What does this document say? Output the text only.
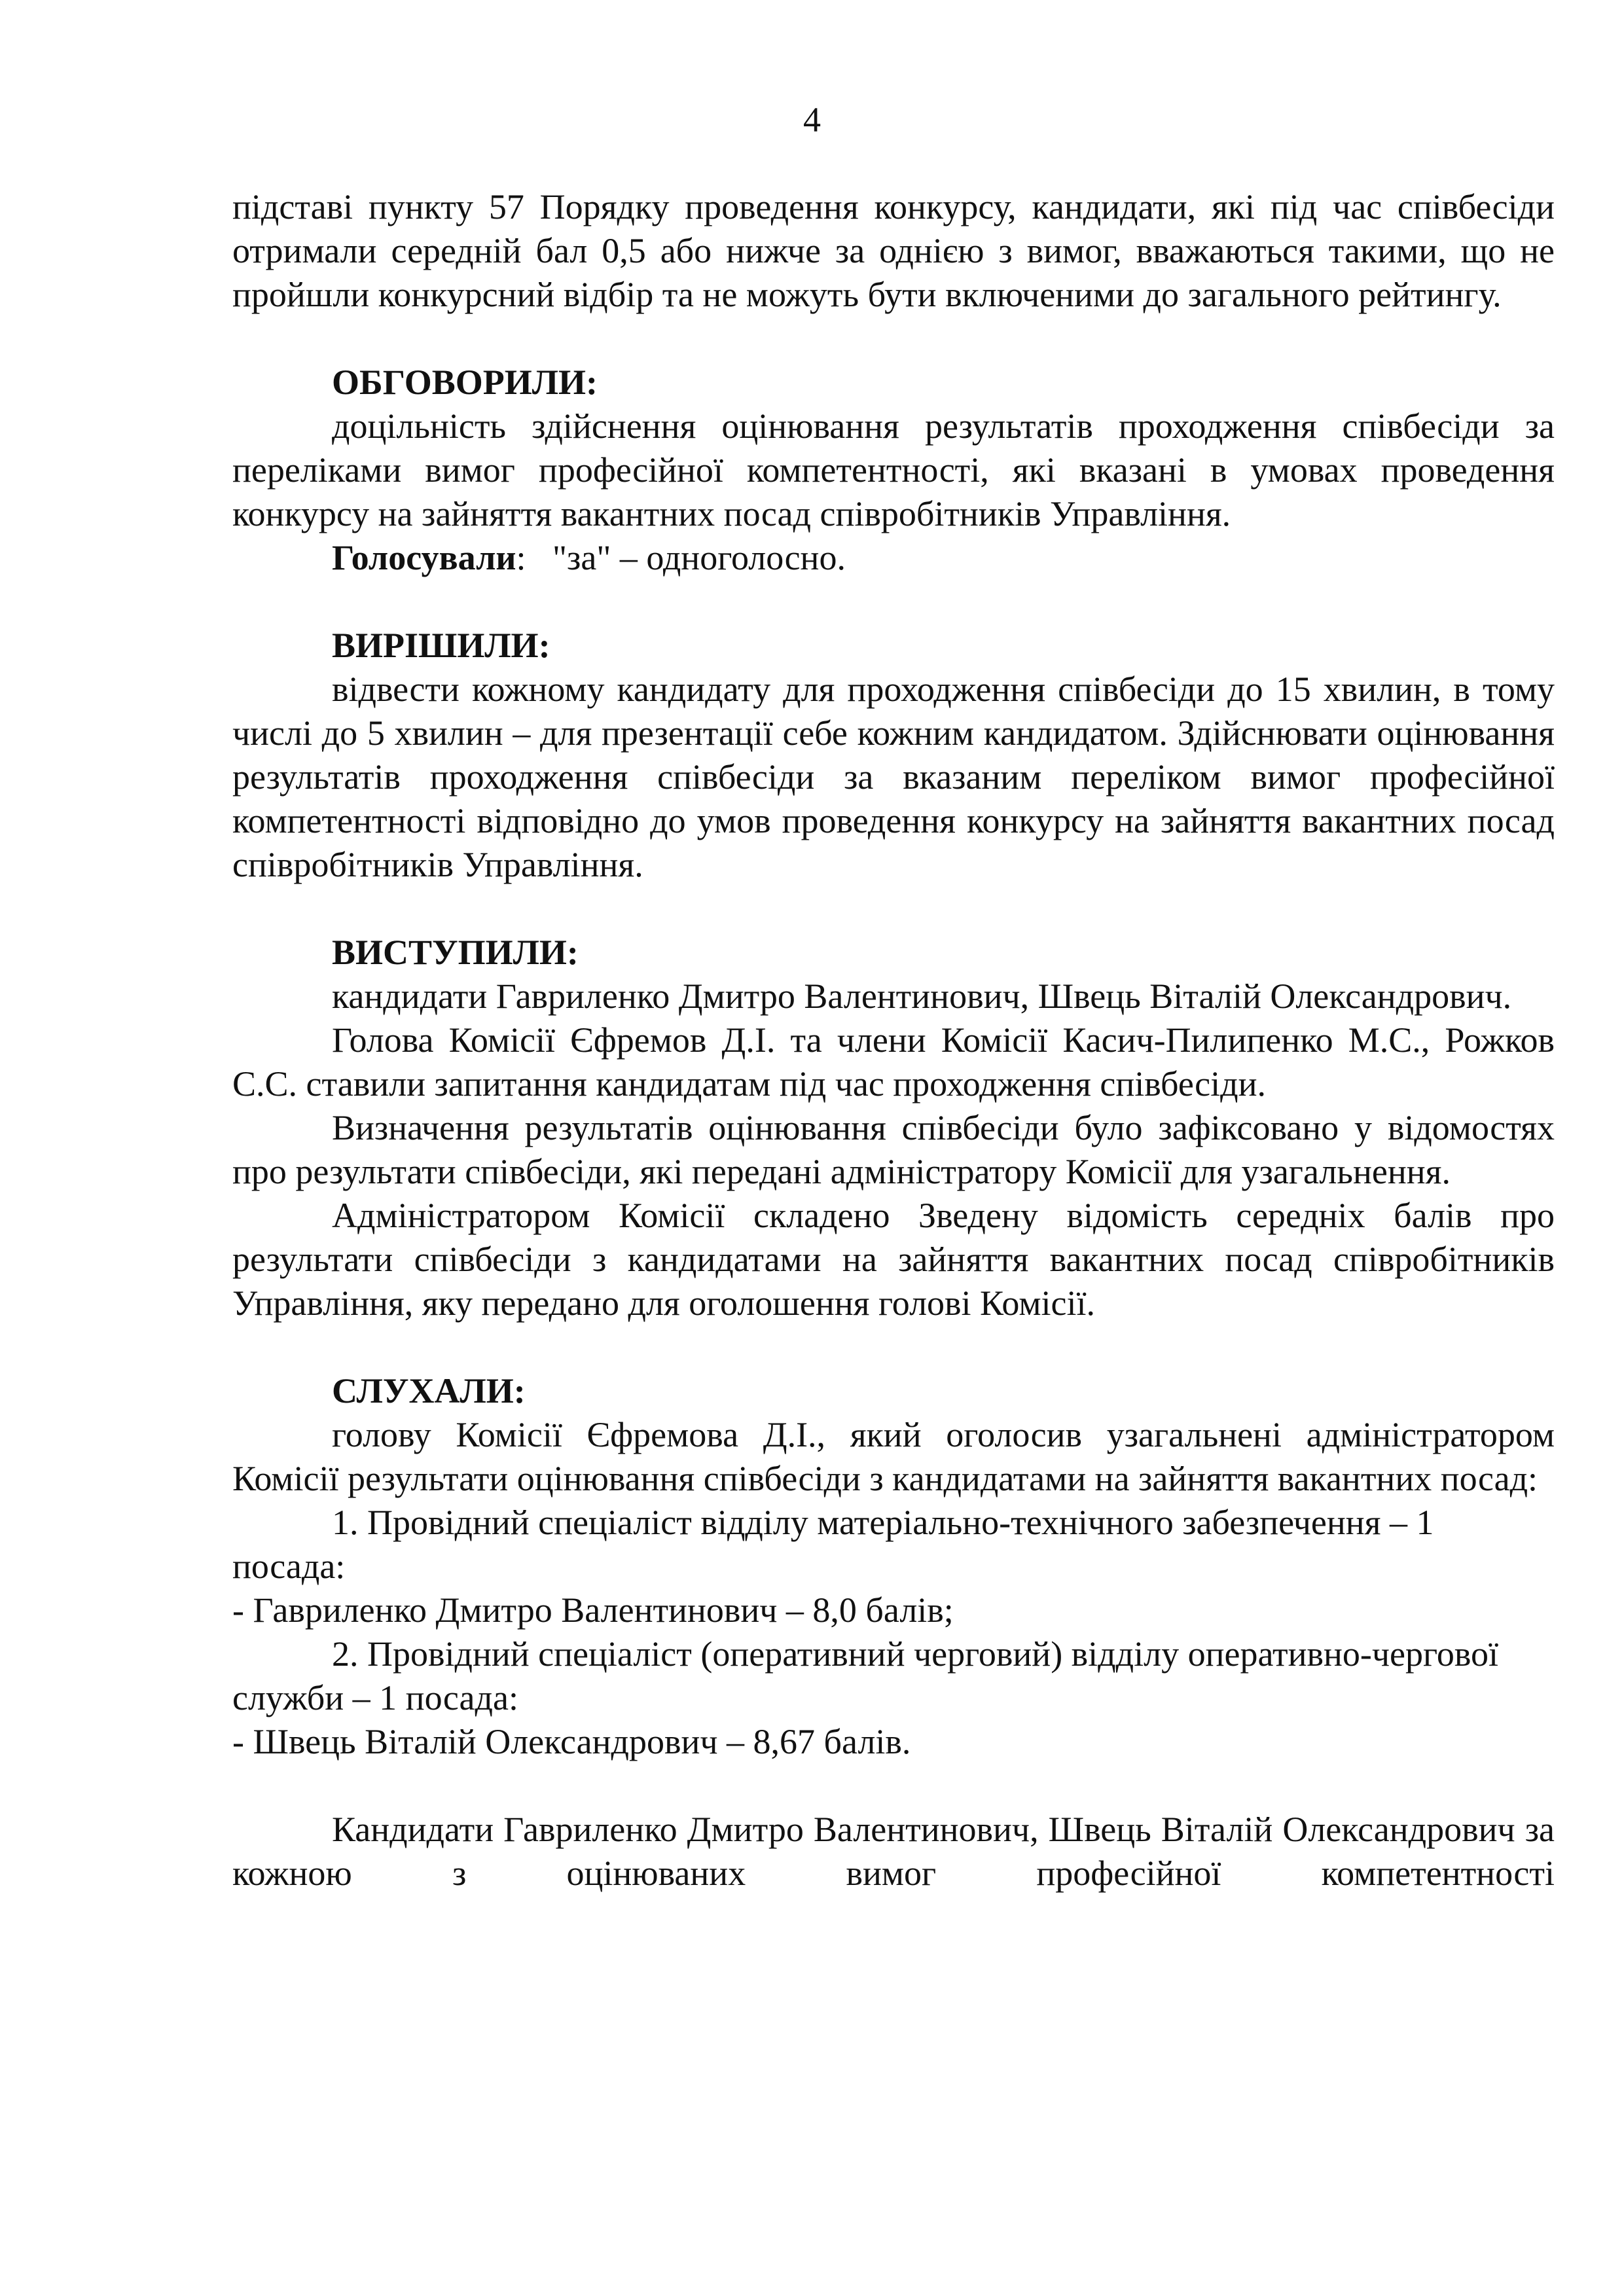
4

підставі пункту 57 Порядку проведення конкурсу, кандидати, які під час співбесіди отримали середній бал 0,5 або нижче за однією з вимог, вважаються такими, що не пройшли конкурсний відбір та не можуть бути включеними до загального рейтингу.

ОБГОВОРИЛИ:

доцільність здійснення оцінювання результатів проходження співбесіди за переліками вимог професійної компетентності, які вказані в умовах проведення конкурсу на зайняття вакантних посад співробітників Управління.

Голосували:   "за" – одноголосно.

ВИРІШИЛИ:

відвести кожному кандидату для проходження співбесіди до 15 хвилин, в тому числі до 5 хвилин – для презентації себе кожним кандидатом. Здійснювати оцінювання результатів проходження співбесіди за вказаним переліком вимог професійної компетентності відповідно до умов проведення конкурсу на зайняття вакантних посад співробітників Управління.

ВИСТУПИЛИ:

кандидати Гавриленко Дмитро Валентинович, Швець Віталій Олександрович.

Голова Комісії Єфремов Д.І. та члени Комісії Касич-Пилипенко М.С., Рожков С.С. ставили запитання кандидатам під час проходження співбесіди.

Визначення результатів оцінювання співбесіди було зафіксовано у відомостях про результати співбесіди, які передані адміністратору Комісії для узагальнення.

Адміністратором Комісії складено Зведену відомість середніх балів про результати співбесіди з кандидатами на зайняття вакантних посад співробітників Управління, яку передано для оголошення голові Комісії.

СЛУХАЛИ:

голову Комісії Єфремова Д.І., який оголосив узагальнені адміністратором Комісії результати оцінювання співбесіди з кандидатами на зайняття вакантних посад:

1. Провідний спеціаліст відділу матеріально-технічного забезпечення – 1 посада:

- Гавриленко Дмитро Валентинович – 8,0 балів;

2. Провідний спеціаліст (оперативний черговий) відділу оперативно-чергової служби – 1 посада:

- Швець Віталій Олександрович – 8,67 балів.

Кандидати Гавриленко Дмитро Валентинович, Швець Віталій Олександрович за кожною з оцінюваних вимог професійної компетентності
